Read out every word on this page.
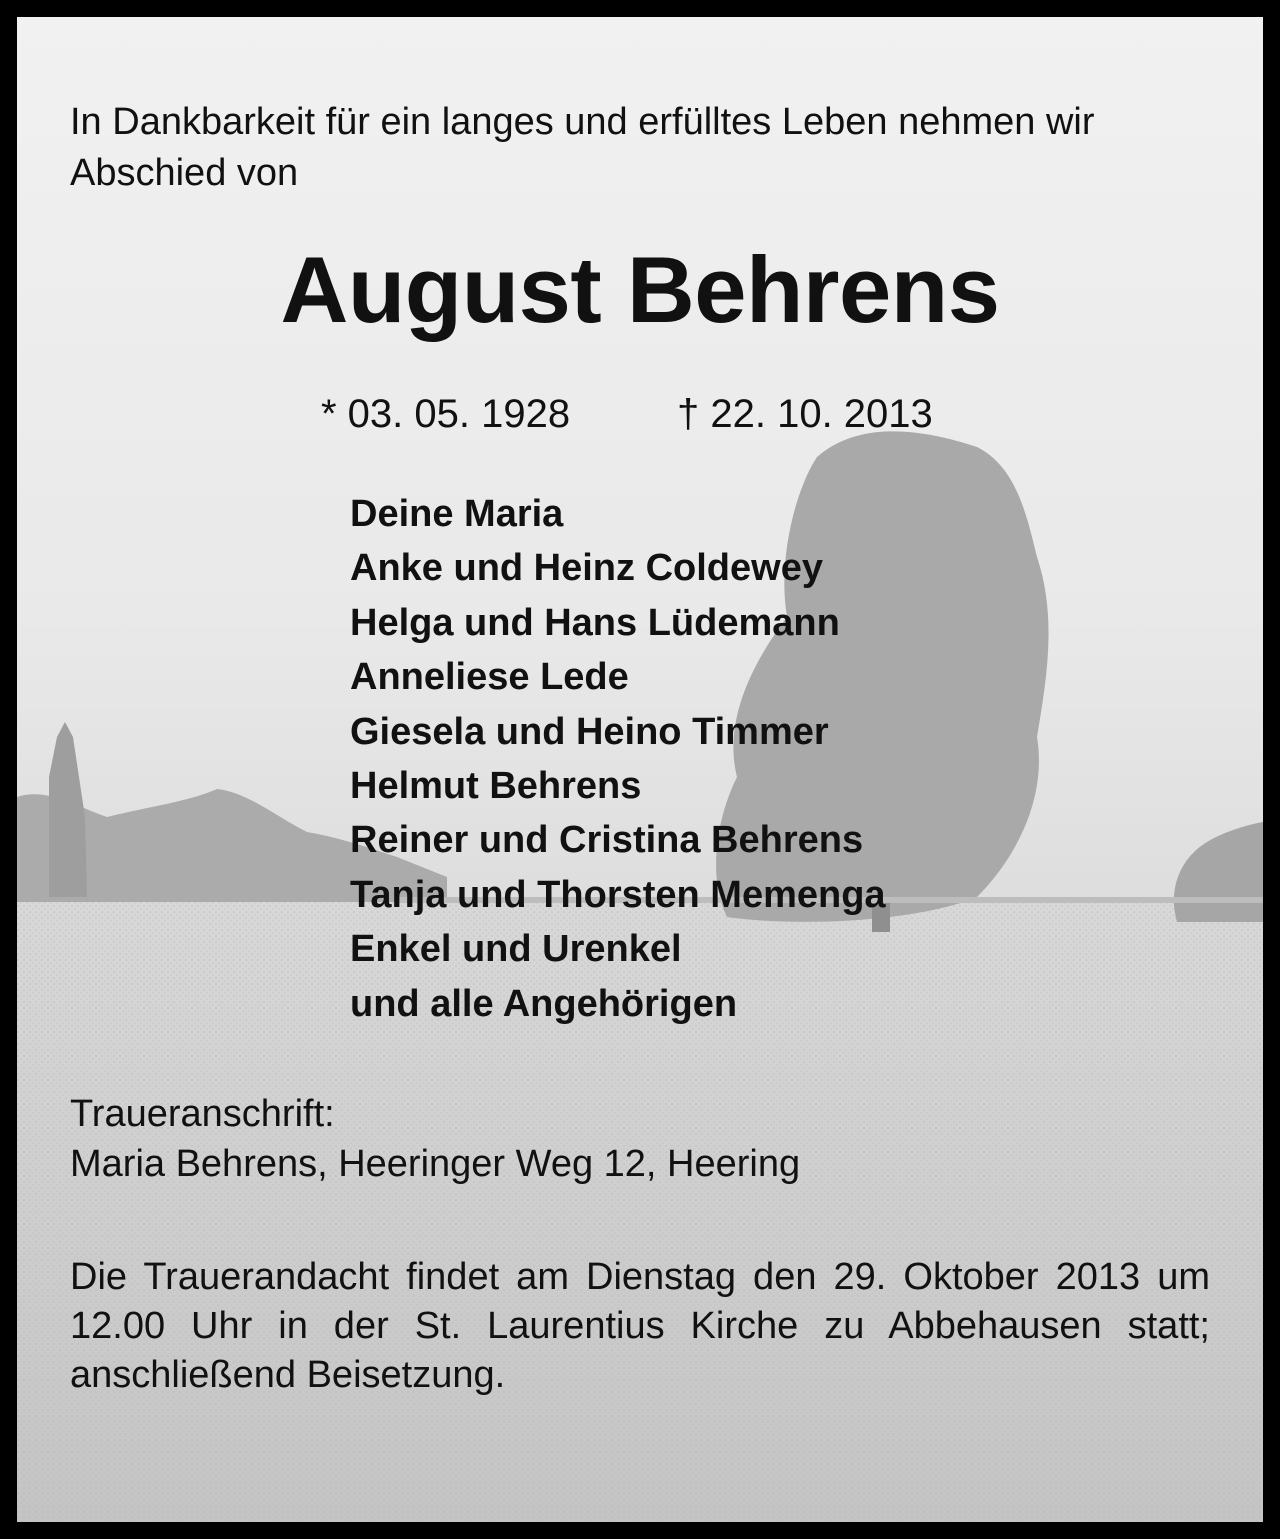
In Dankbarkeit für ein langes und erfülltes Leben nehmen wir Abschied von

August Behrens
* 03. 05. 1928	† 22. 10. 2013
Deine Maria
Anke und Heinz Coldewey
Helga und Hans Lüdemann
Anneliese Lede
Giesela und Heino Timmer
Helmut Behrens
Reiner und Cristina Behrens
Tanja und Thorsten Memenga
Enkel und Urenkel
und alle Angehörigen
Traueranschrift:
Maria Behrens, Heeringer Weg 12, Heering

Die Trauerandacht findet am Dienstag den 29. Oktober 2013 um 12.00 Uhr in der St. Laurentius Kirche zu Abbehausen statt; anschließend Beisetzung.
